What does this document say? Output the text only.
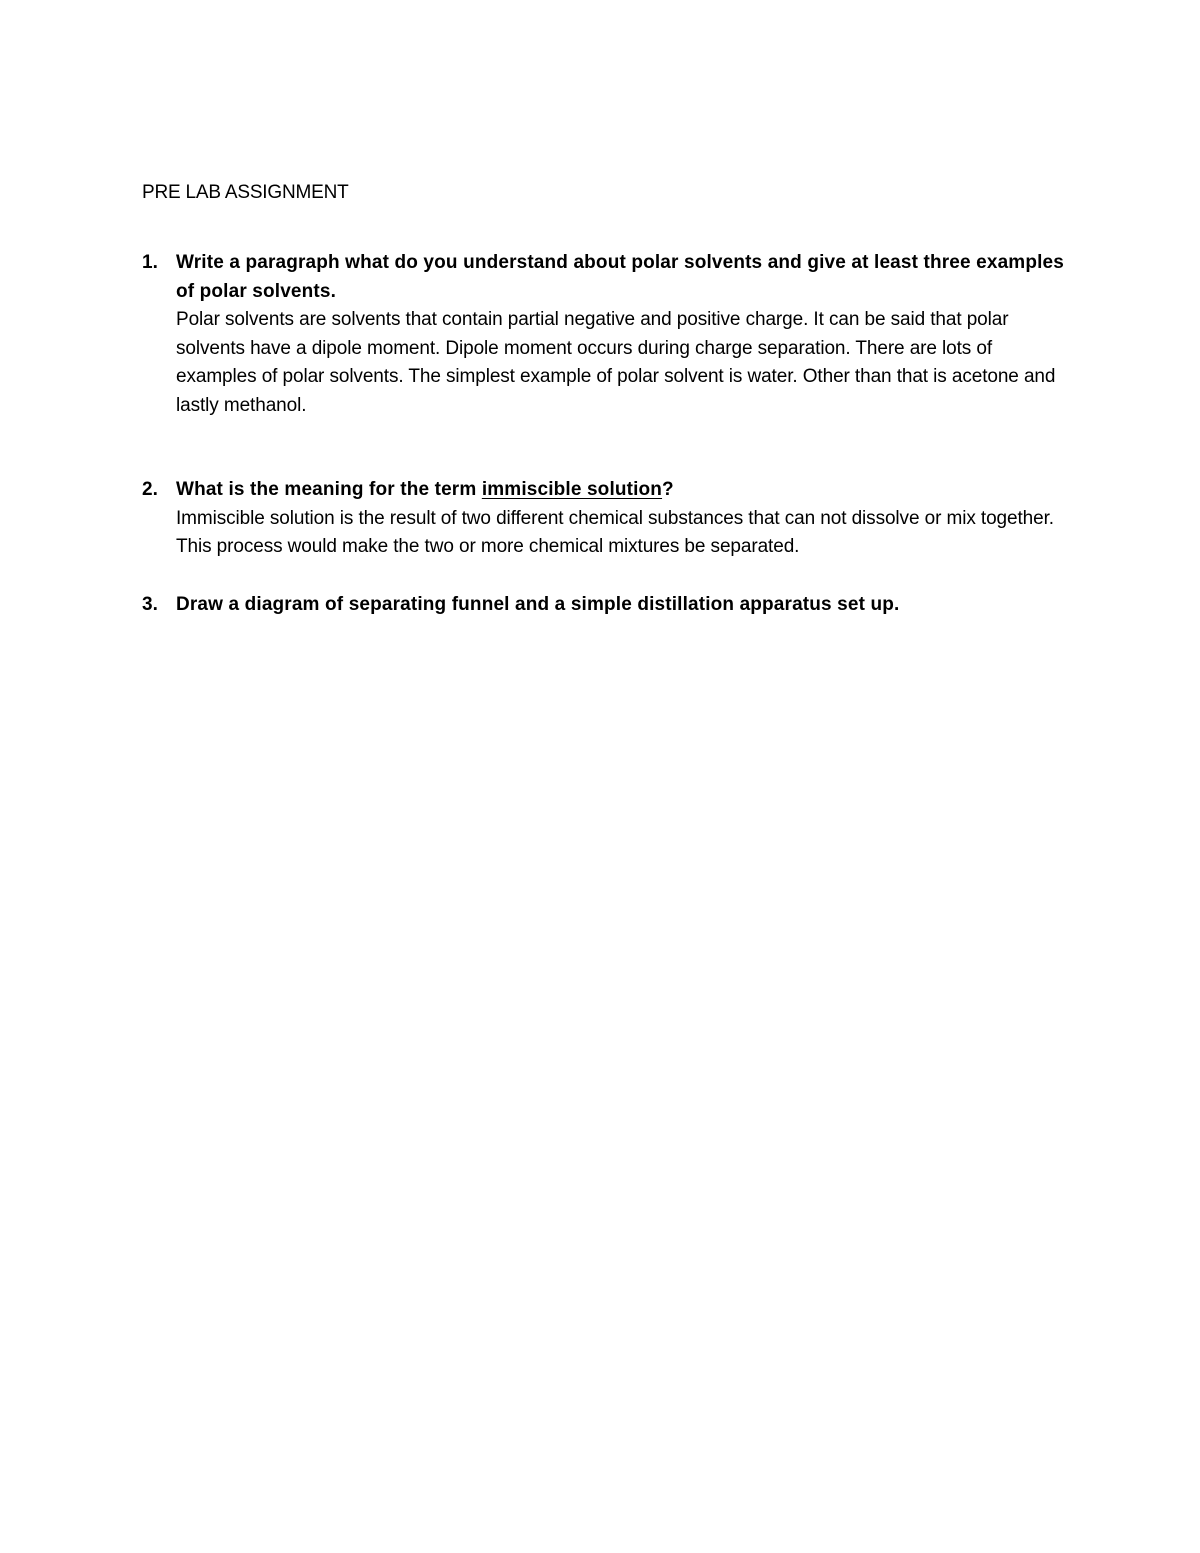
PRE LAB ASSIGNMENT
1. Write a paragraph what do you understand about polar solvents and give at least three examples of polar solvents.
Polar solvents are solvents that contain partial negative and positive charge. It can be said that polar solvents have a dipole moment. Dipole moment occurs during charge separation. There are lots of examples of polar solvents. The simplest example of polar solvent is water. Other than that is acetone and lastly methanol.
2. What is the meaning for the term immiscible solution?
Immiscible solution is the result of two different chemical substances that can not dissolve or mix together. This process would make the two or more chemical mixtures be separated.
3. Draw a diagram of separating funnel and a simple distillation apparatus set up.
